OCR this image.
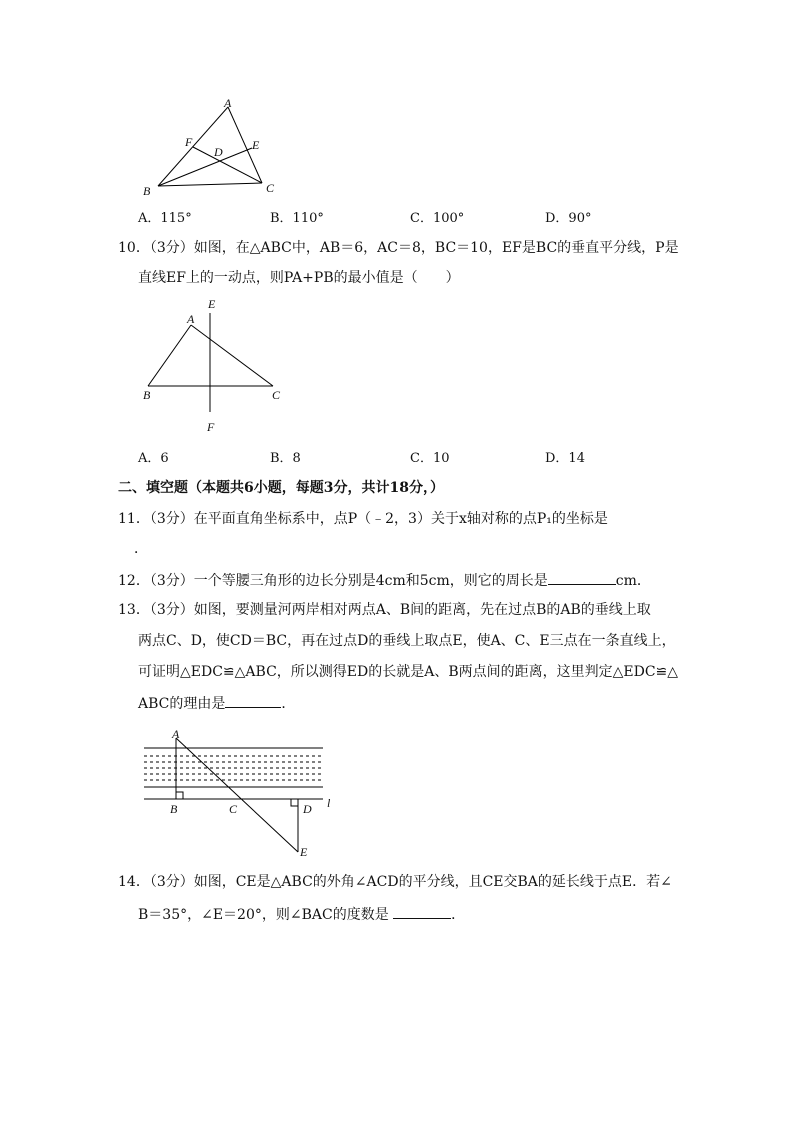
A
F	E
D
B	C
A．115°	B．110°	C．100°	D．90°
10．（3分）如图，在△ABC中，AB＝6，AC＝8，BC＝10，EF是BC的垂直平分线，P是
直线EF上的一动点，则PA+PB的最小值是（　　）
E
A
B	C
F
A．6	B．8	C．10	D．14
二、填空题（本题共6小题，每题3分，共计18分，）
11．（3分）在平面直角坐标系中，点P（﹣2，3）关于x轴对称的点P₁的坐标是
．
12．（3分）一个等腰三角形的边长分别是4cm和5cm，则它的周长是	cm．
13．（3分）如图，要测量河两岸相对两点A、B间的距离，先在过点B的AB的垂线上取
两点C、D，使CD＝BC，再在过点D的垂线上取点E，使A、C、E三点在一条直线上，
可证明△EDC≌△ABC，所以测得ED的长就是A、B两点间的距离，这里判定△EDC≌△
ABC的理由是	．
A
B	C	D l
E
14．（3分）如图，CE是△ABC的外角∠ACD的平分线，且CE交BA的延长线于点E．若∠
B＝35°，∠E＝20°，则∠BAC的度数是	．
